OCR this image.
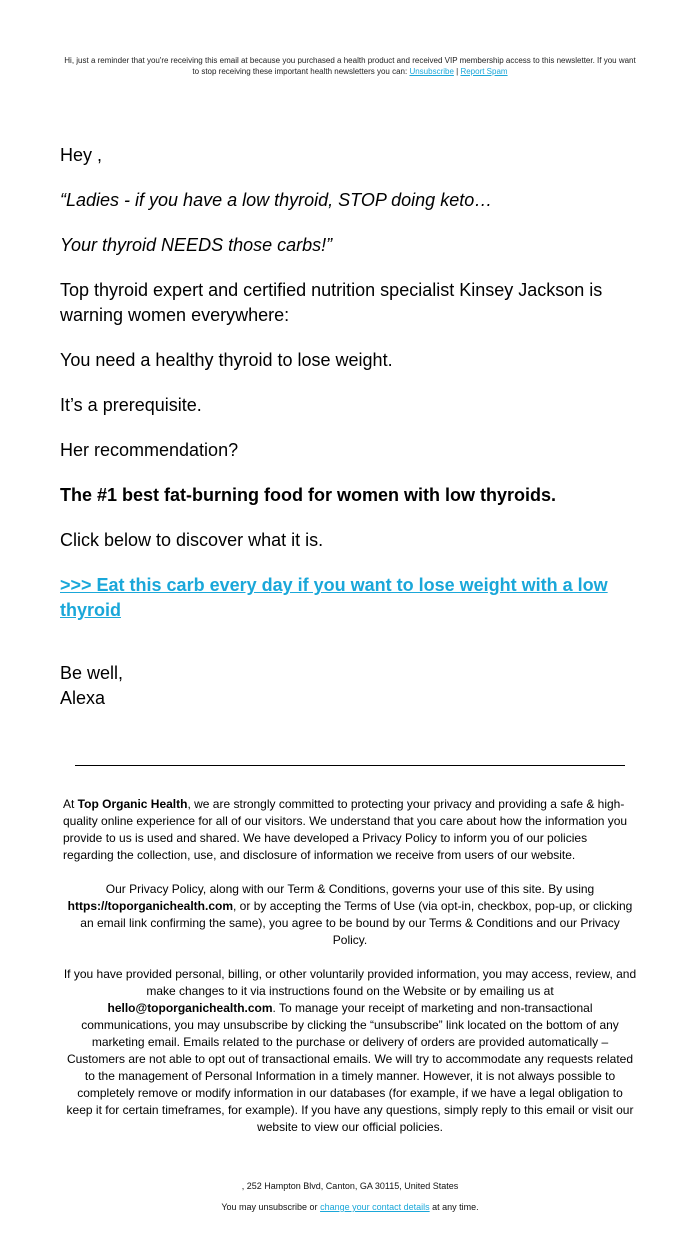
Hi, just a reminder that you're receiving this email at because you purchased a health product and received VIP membership access to this newsletter. If you want to stop receiving these important health newsletters you can: Unsubscribe | Report Spam

Hey ,

“Ladies - if you have a low thyroid, STOP doing keto…

Your thyroid NEEDS those carbs!”

Top thyroid expert and certified nutrition specialist Kinsey Jackson is warning women everywhere:

You need a healthy thyroid to lose weight.

It’s a prerequisite.

Her recommendation?

The #1 best fat-burning food for women with low thyroids.

Click below to discover what it is.

>>> Eat this carb every day if you want to lose weight with a low thyroid

Be well,

Alexa

At Top Organic Health, we are strongly committed to protecting your privacy and providing a safe & high-quality online experience for all of our visitors. We understand that you care about how the information you provide to us is used and shared. We have developed a Privacy Policy to inform you of our policies regarding the collection, use, and disclosure of information we receive from users of our website.

Our Privacy Policy, along with our Term & Conditions, governs your use of this site. By using https://toporganichealth.com, or by accepting the Terms of Use (via opt-in, checkbox, pop-up, or clicking an email link confirming the same), you agree to be bound by our Terms & Conditions and our Privacy Policy.

If you have provided personal, billing, or other voluntarily provided information, you may access, review, and make changes to it via instructions found on the Website or by emailing us at hello@toporganichealth.com. To manage your receipt of marketing and non-transactional communications, you may unsubscribe by clicking the “unsubscribe” link located on the bottom of any marketing email. Emails related to the purchase or delivery of orders are provided automatically – Customers are not able to opt out of transactional emails. We will try to accommodate any requests related to the management of Personal Information in a timely manner. However, it is not always possible to completely remove or modify information in our databases (for example, if we have a legal obligation to keep it for certain timeframes, for example). If you have any questions, simply reply to this email or visit our website to view our official policies.

, 252 Hampton Blvd, Canton, GA 30115, United States

You may unsubscribe or change your contact details at any time.
